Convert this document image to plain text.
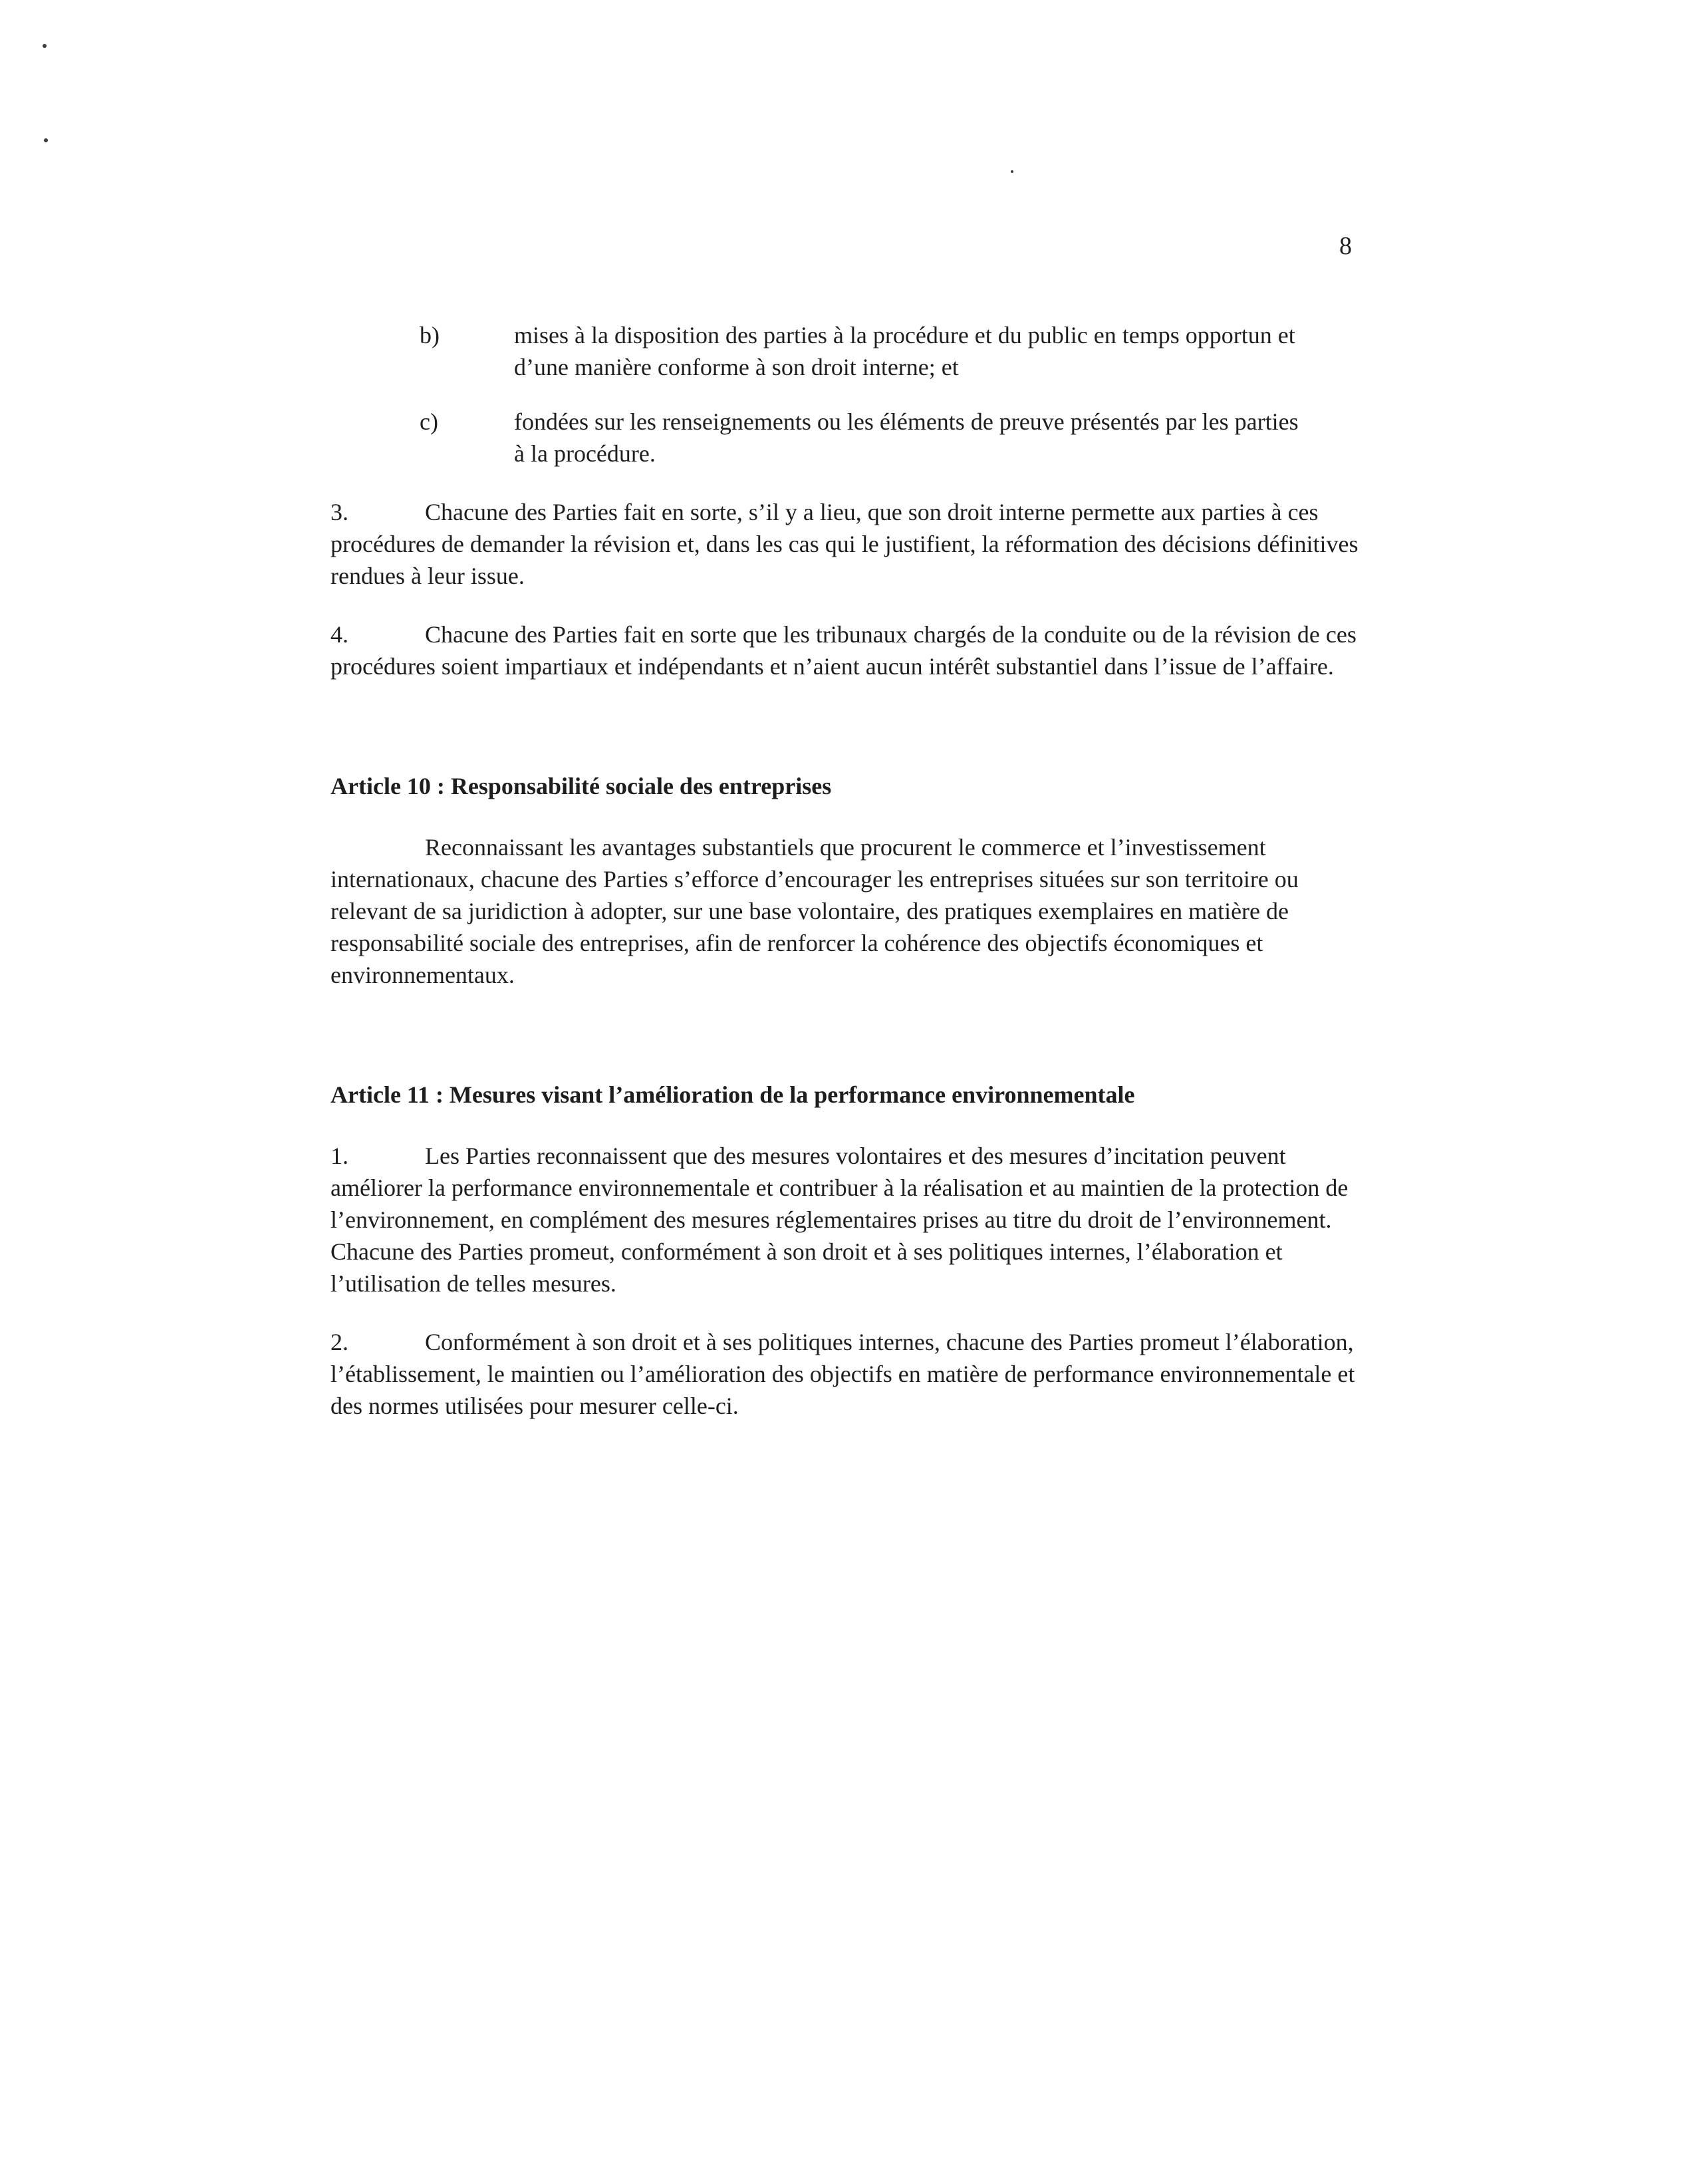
8
b)	mises à la disposition des parties à la procédure et du public en temps opportun et d’une manière conforme à son droit interne; et
c)	fondées sur les renseignements ou les éléments de preuve présentés par les parties à la procédure.
3.	Chacune des Parties fait en sorte, s’il y a lieu, que son droit interne permette aux parties à ces procédures de demander la révision et, dans les cas qui le justifient, la réformation des décisions définitives rendues à leur issue.
4.	Chacune des Parties fait en sorte que les tribunaux chargés de la conduite ou de la révision de ces procédures soient impartiaux et indépendants et n’aient aucun intérêt substantiel dans l’issue de l’affaire.
Article 10 : Responsabilité sociale des entreprises
Reconnaissant les avantages substantiels que procurent le commerce et l’investissement internationaux, chacune des Parties s’efforce d’encourager les entreprises situées sur son territoire ou relevant de sa juridiction à adopter, sur une base volontaire, des pratiques exemplaires en matière de responsabilité sociale des entreprises, afin de renforcer la cohérence des objectifs économiques et environnementaux.
Article 11 : Mesures visant l’amélioration de la performance environnementale
1.	Les Parties reconnaissent que des mesures volontaires et des mesures d’incitation peuvent améliorer la performance environnementale et contribuer à la réalisation et au maintien de la protection de l’environnement, en complément des mesures réglementaires prises au titre du droit de l’environnement. Chacune des Parties promeut, conformément à son droit et à ses politiques internes, l’élaboration et l’utilisation de telles mesures.
2.	Conformément à son droit et à ses politiques internes, chacune des Parties promeut l’élaboration, l’établissement, le maintien ou l’amélioration des objectifs en matière de performance environnementale et des normes utilisées pour mesurer celle-ci.
